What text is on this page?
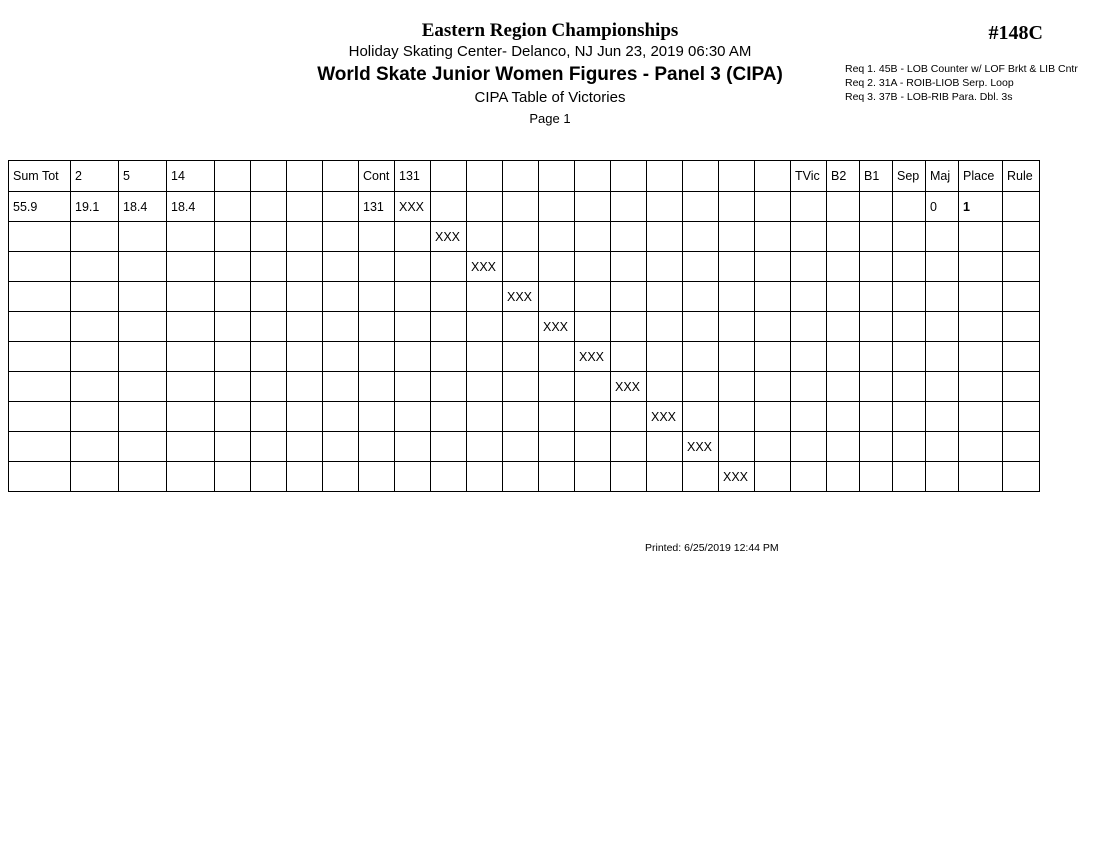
Eastern Region Championships
Holiday Skating Center- Delanco, NJ Jun 23, 2019 06:30 AM
World Skate Junior Women Figures - Panel 3 (CIPA)
CIPA Table of Victories
Page 1
#148C
Req 1. 45B - LOB Counter w/ LOF Brkt & LIB Cntr
Req 2. 31A - ROIB-LIOB Serp. Loop
Req 3. 37B - LOB-RIB Para. Dbl. 3s
Sum Tot	2	5	14					Cont	131											TVic	B2	B1	Sep	Maj	Place	Rule
55.9	19.1	18.4	18.4					131	XXX															0	1	
										XXX																
											XXX															
												XXX														
													XXX													
														XXX												
															XXX											
																XXX										
																	XXX									
																		XXX								
Printed: 6/25/2019 12:44 PM
